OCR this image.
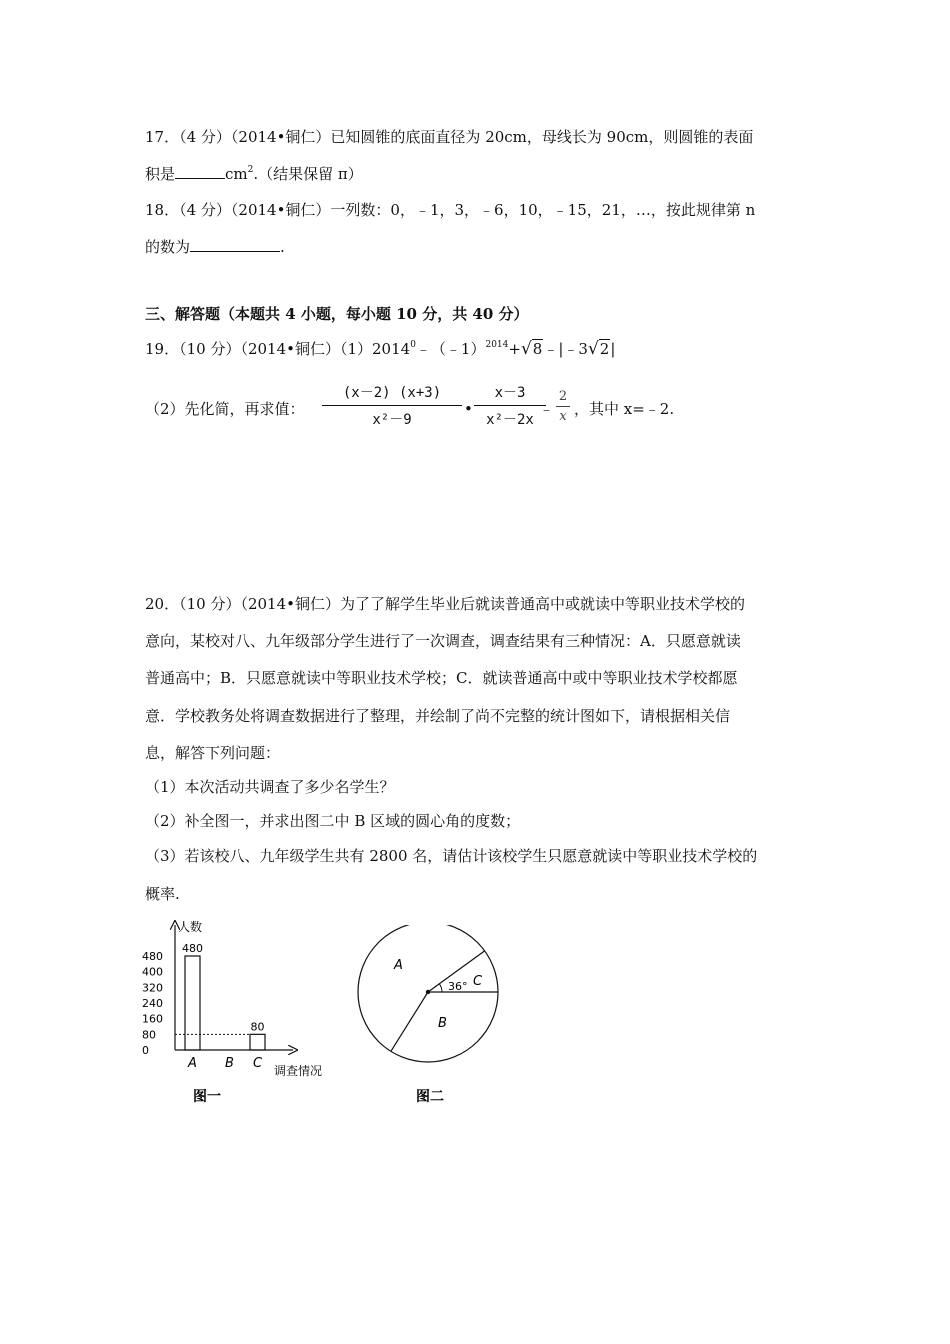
17．（4 分）（2014•铜仁）已知圆锥的底面直径为 20cm，母线长为 90cm，则圆锥的表面
积是	$cm^2$.（结果保留 π）
18．（4 分）（2014•铜仁）一列数：0，﹣1，3，﹣6，10，﹣15，21，…，按此规律第 n
的数为	.
三、解答题（本题共 4 小题，每小题 10 分，共 40 分）
19．（10 分）（2014•铜仁）$(1)2014^0﹣(﹣1)^{2014}+√8﹣|﹣3√2|$
（2）先化简，再求值：
(x－2) (x+3)
x²－9
•
x－3
x²－2x
﹣
2
x ，其中 x=﹣2.
20．（10 分）（2014•铜仁）为了了解学生毕业后就读普通高中或就读中等职业技术学校的
意向，某校对八、九年级部分学生进行了一次调查，调查结果有三种情况：A．只愿意就读
普通高中；B．只愿意就读中等职业技术学校；C．就读普通高中或中等职业技术学校都愿
意．学校教务处将调查数据进行了整理，并绘制了尚不完整的统计图如下，请根据相关信
息，解答下列问题：
（1）本次活动共调查了多少名学生？
（2）补全图一，并求出图二中 B 区域的圆心角的度数；
（3）若该校八、九年级学生共有 2800 名，请估计该校学生只愿意就读中等职业技术学校的
概率.
人数
调查情况
0
80
160
240
320
400
480
A
480
B C
80
图一
36°
A
B
C
图二
